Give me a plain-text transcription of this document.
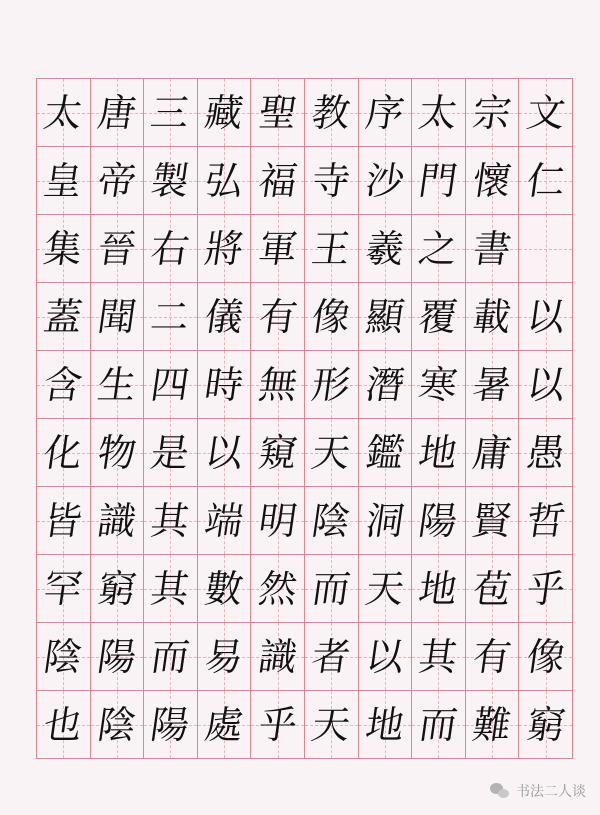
太 唐 三 藏 聖 教 序 太 宗 文
皇 帝 製 弘 福 寺 沙 門 懷 仁
集 晉 右 將 軍 王 羲 之 書
蓋 聞 二 儀 有 像 顯 覆 載 以
含 生 四 時 無 形 潛 寒 暑 以
化 物 是 以 窺 天 鑑 地 庸 愚
皆 識 其 端 明 陰 洞 陽 賢 哲
罕 窮 其 數 然 而 天 地 苞 乎
陰 陽 而 易 識 者 以 其 有 像
也 陰 陽 處 乎 天 地 而 難 窮
书法二人谈
